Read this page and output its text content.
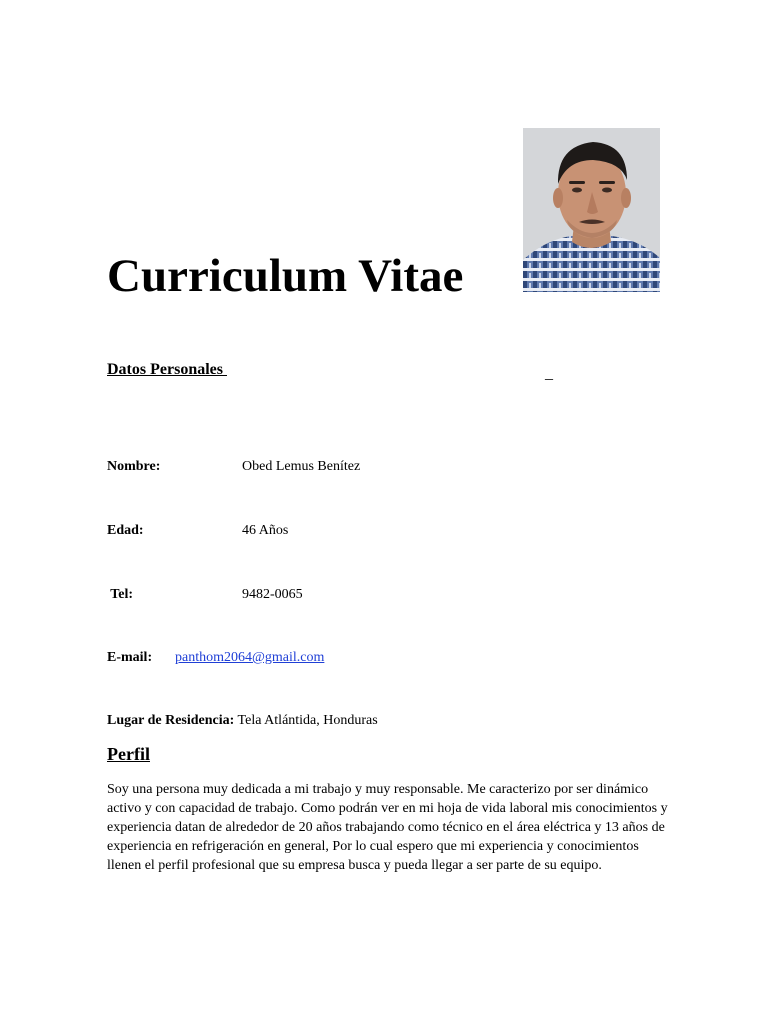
Curriculum Vitae
Datos Personales	_
Nombre:	Obed Lemus Benítez
Edad:	46 Años
Tel:	9482-0065
E-mail: panthom2064@gmail.com
Lugar de Residencia: Tela Atlántida, Honduras
Perfil
Soy una persona muy dedicada a mi trabajo y muy responsable. Me caracterizo por ser dinámico
activo y con capacidad de trabajo. Como podrán ver en mi hoja de vida laboral mis conocimientos y
experiencia datan de alrededor de 20 años trabajando como técnico en el área eléctrica y 13 años de
experiencia en refrigeración en general, Por lo cual espero que mi experiencia y conocimientos
llenen el perfil profesional que su empresa busca y pueda llegar a ser parte de su equipo.
